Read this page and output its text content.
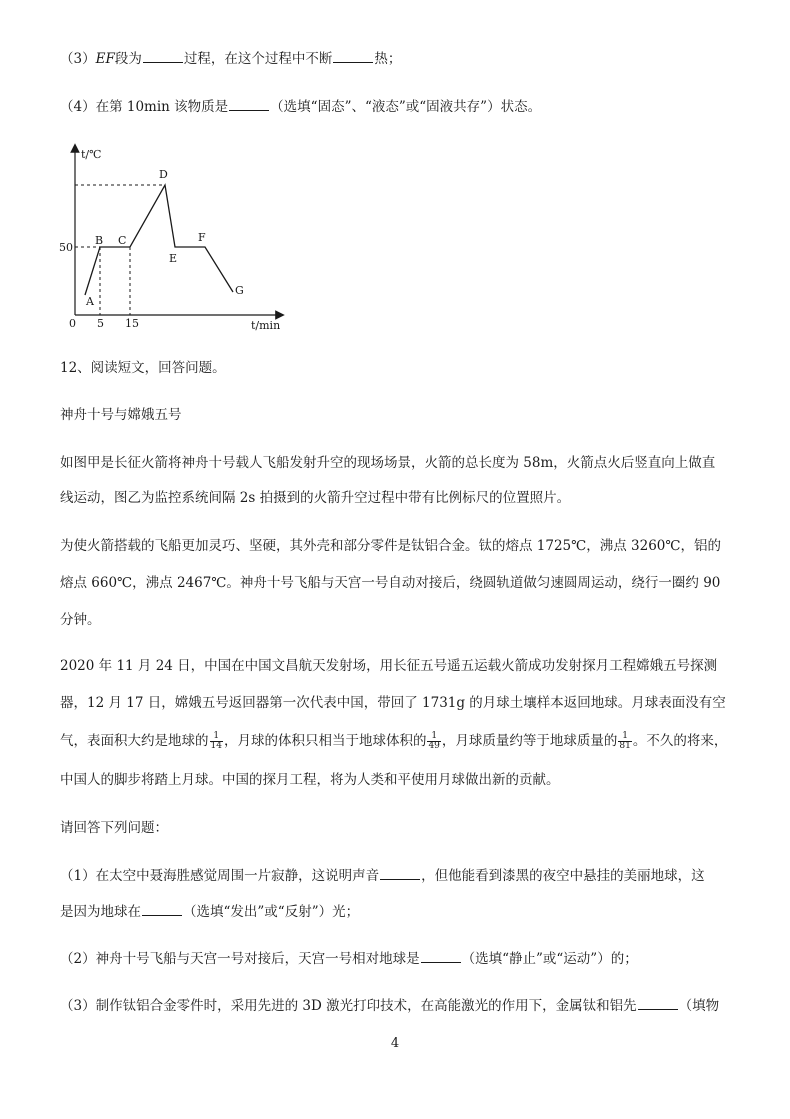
（3）EF段为	过程，在这个过程中不断	热；
（4）在第 10min 该物质是	（选填“固态”、“液态”或“固液共存”）状态。
t/℃
t/min
50
0 5 15
A
B C
D
E
F
G
12、阅读短文，回答问题。
神舟十号与嫦娥五号
如图甲是长征火箭将神舟十号载人飞船发射升空的现场场景，火箭的总长度为 58m，火箭点火后竖直向上做直
线运动，图乙为监控系统间隔 2s 拍摄到的火箭升空过程中带有比例标尺的位置照片。
为使火箭搭载的飞船更加灵巧、坚硬，其外壳和部分零件是钛铝合金。钛的熔点 1725℃，沸点 3260℃，铝的
熔点 660℃，沸点 2467℃。神舟十号飞船与天宫一号自动对接后，绕圆轨道做匀速圆周运动，绕行一圈约 90
分钟。
2020 年 11 月 24 日，中国在中国文昌航天发射场，用长征五号遥五运载火箭成功发射探月工程嫦娥五号探测
器，12 月 17 日，嫦娥五号返回器第一次代表中国，带回了 1731g 的月球土壤样本返回地球。月球表面没有空
气，表面积大约是地球的 $\frac{1}{14}$ ，月球的体积只相当于地球体积的 $\frac{1}{49}$ ，月球质量约等于地球质量的 $\frac{1}{81}$ 。不久的将来，
中国人的脚步将踏上月球。中国的探月工程，将为人类和平使用月球做出新的贡献。
请回答下列问题：
（1）在太空中聂海胜感觉周围一片寂静，这说明声音	，但他能看到漆黑的夜空中悬挂的美丽地球，这
是因为地球在	（选填“发出”或“反射”）光；
（2）神舟十号飞船与天宫一号对接后，天宫一号相对地球是	（选填“静止”或“运动”）的；
（3）制作钛铝合金零件时，采用先进的 3D 激光打印技术，在高能激光的作用下，金属钛和铝先	（填物
4
